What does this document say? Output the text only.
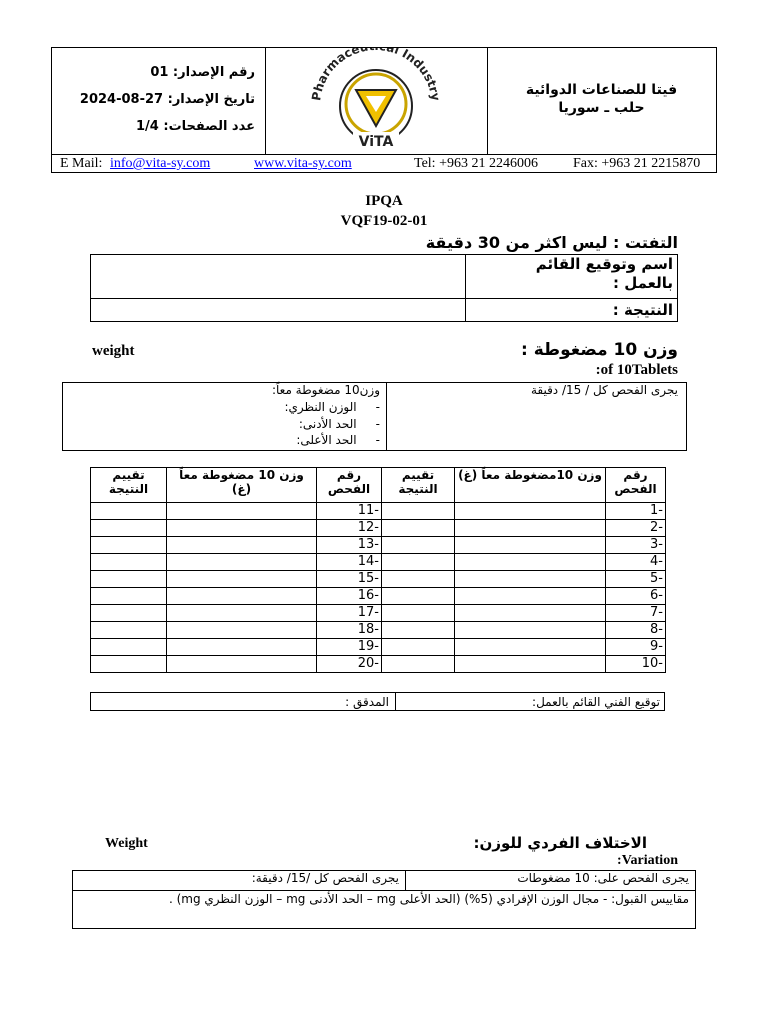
رقم الإصدار: 01
تاريخ الإصدار: 27-08-2024
عدد الصفحات: 1/4
Pharmace l Industry
ViTA
فيتا للصناعات الدوائية
حلب ـ سوريا
E Mail: info@vita-sy.com	www.vita-sy.com	Tel: +963 21 2246006	Fax: +963 21 2215870
IPQA
VQF19-02-01
التفتت : ليس اكثر من 30 دقيقة

	اسم وتوقيع القائم
بالعمل :

	النتيجة :
وزن 10 مضغوطة :
weight
of 10Tablets:
يجرى الفحص كل / 15/ دقيقة
وزن10 مضغوطة معاً:
-     الوزن النظري:
-     الحد الأدنى:
-     الحد الأعلى:
تقييم النتيجة	وزن 10 مضغوطة معاً (غ)	رقم الفحص	تقييم النتيجة	وزن 10مضغوطة معاً (غ)	رقم الفحص
		-11			-1
		-12			-2
		-13			-3
		-14			-4
		-15			-5
		-16			-6
		-17			-7
		-18			-8
		-19			-9
		-20			-10
المدقق :	توقيع الفني القائم بالعمل:
الاختلاف الفردي للوزن:
Weight
Variation:
يجرى الفحص كل /15/ دقيقة:	يجرى الفحص على: 10 مضغوطات
مقاييس القبول: - مجال الوزن الإفرادي (5%) (الحد الأعلى mg – الحد الأدنى mg – الوزن النظري mg) .
